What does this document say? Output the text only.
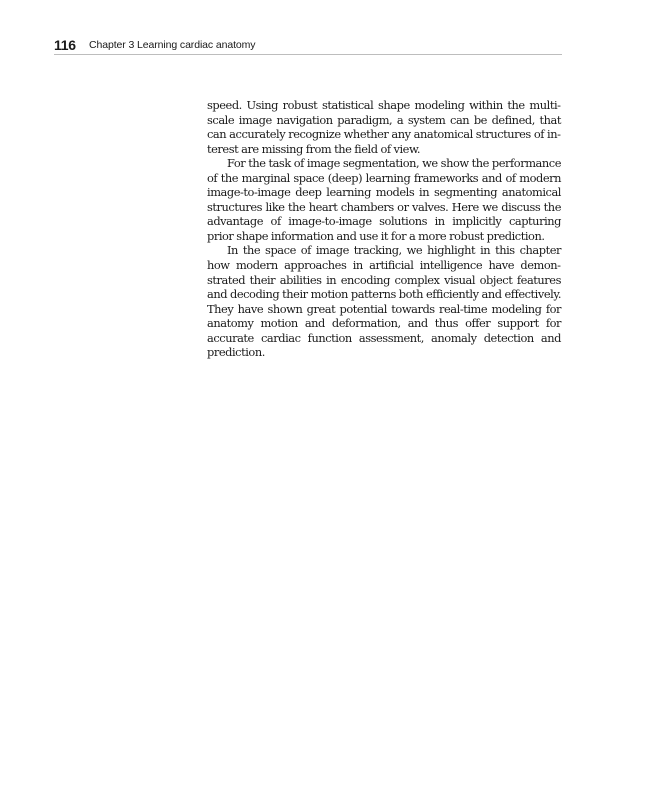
116 Chapter 3 Learning cardiac anatomy

speed. Using robust statistical shape modeling within the multiscale image navigation paradigm, a system can be defined, that can accurately recognize whether any anatomical structures of interest are missing from the field of view.

For the task of image segmentation, we show the performance of the marginal space (deep) learning frameworks and of modern image-to-image deep learning models in segmenting anatomical structures like the heart chambers or valves. Here we discuss the advantage of image-to-image solutions in implicitly capturing prior shape information and use it for a more robust prediction.

In the space of image tracking, we highlight in this chapter how modern approaches in artificial intelligence have demonstrated their abilities in encoding complex visual object features and decoding their motion patterns both efficiently and effectively. They have shown great potential towards real-time modeling for anatomy motion and deformation, and thus offer support for accurate cardiac function assessment, anomaly detection and prediction.
